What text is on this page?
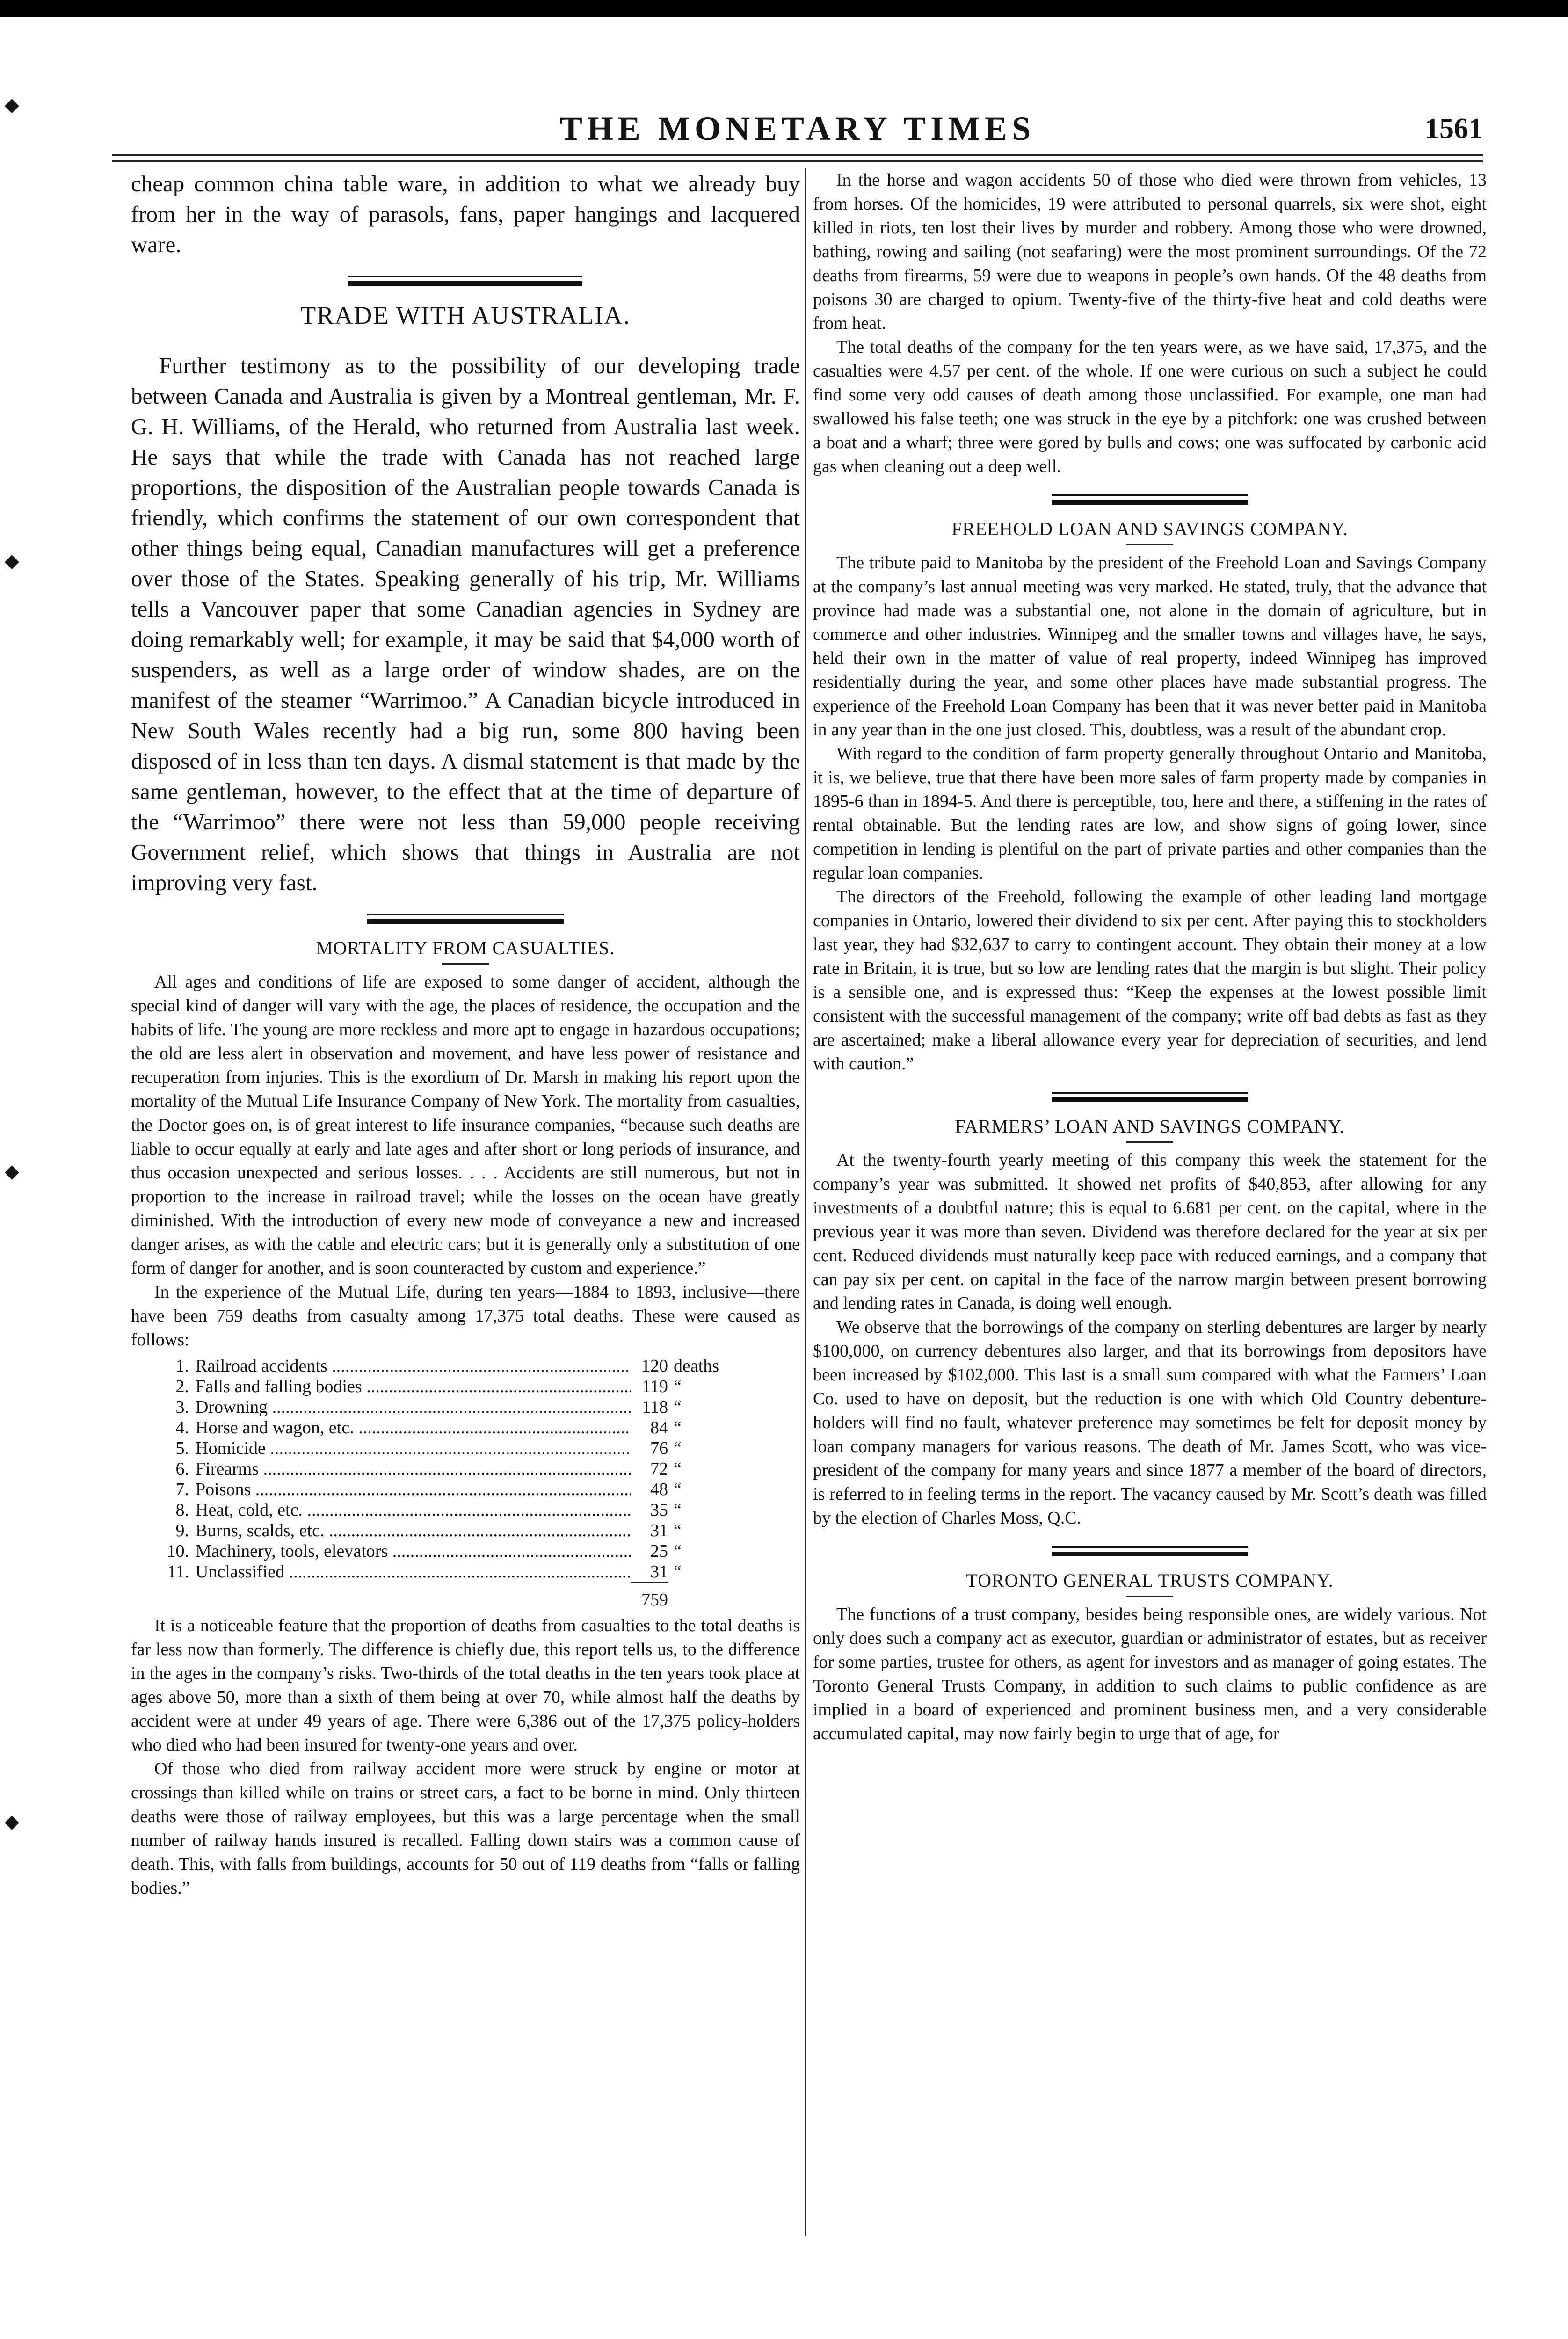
◆
◆
◆
◆
THE MONETARY TIMES	1561

cheap common china table ware, in addition to what we already buy from her in the way of parasols, fans, paper hangings and lacquered ware.

TRADE WITH AUSTRALIA.

Further testimony as to the possibility of our developing trade between Canada and Australia is given by a Montreal gentleman, Mr. F. G. H. Williams, of the Herald, who returned from Australia last week. He says that while the trade with Canada has not reached large proportions, the disposition of the Australian people towards Canada is friendly, which confirms the statement of our own correspondent that other things being equal, Canadian manufactures will get a preference over those of the States. Speaking generally of his trip, Mr. Williams tells a Vancouver paper that some Canadian agencies in Sydney are doing remarkably well; for example, it may be said that $4,000 worth of suspenders, as well as a large order of window shades, are on the manifest of the steamer “Warrimoo.” A Canadian bicycle introduced in New South Wales recently had a big run, some 800 having been disposed of in less than ten days. A dismal statement is that made by the same gentleman, however, to the effect that at the time of departure of the “Warrimoo” there were not less than 59,000 people receiving Government relief, which shows that things in Australia are not improving very fast.

MORTALITY FROM CASUALTIES.

All ages and conditions of life are exposed to some danger of accident, although the special kind of danger will vary with the age, the places of residence, the occupation and the habits of life. The young are more reckless and more apt to engage in hazardous occupations; the old are less alert in observation and movement, and have less power of resistance and recuperation from injuries. This is the exordium of Dr. Marsh in making his report upon the mortality of the Mutual Life Insurance Company of New York. The mortality from casualties, the Doctor goes on, is of great interest to life insurance companies, “because such deaths are liable to occur equally at early and late ages and after short or long periods of insurance, and thus occasion unexpected and serious losses. . . . Accidents are still numerous, but not in proportion to the increase in railroad travel; while the losses on the ocean have greatly diminished. With the introduction of every new mode of conveyance a new and increased danger arises, as with the cable and electric cars; but it is generally only a substitution of one form of danger for another, and is soon counteracted by custom and experience.”

In the experience of the Mutual Life, during ten years—1884 to 1893, inclusive—there have been 759 deaths from casualty among 17,375 total deaths. These were caused as follows:

1. Railroad accidents .....	120 deaths
2. Falls and falling bodies .....	119 “
3. Drowning .....	118 “
4. Horse and wagon, etc. .....	84 “
5. Homicide .....	76 “
6. Firearms .....	72 “
7. Poisons .....	48 “
8. Heat, cold, etc. .....	35 “
9. Burns, scalds, etc. .....	31 “
10. Machinery, tools, elevators .....	25 “
11. Unclassified .....	31 “
759

It is a noticeable feature that the proportion of deaths from casualties to the total deaths is far less now than formerly. The difference is chiefly due, this report tells us, to the difference in the ages in the company’s risks. Two-thirds of the total deaths in the ten years took place at ages above 50, more than a sixth of them being at over 70, while almost half the deaths by accident were at under 49 years of age. There were 6,386 out of the 17,375 policy-holders who died who had been insured for twenty-one years and over.

Of those who died from railway accident more were struck by engine or motor at crossings than killed while on trains or street cars, a fact to be borne in mind. Only thirteen deaths were those of railway employees, but this was a large percentage when the small number of railway hands insured is recalled. Falling down stairs was a common cause of death. This, with falls from buildings, accounts for 50 out of 119 deaths from “falls or falling bodies.”

In the horse and wagon accidents 50 of those who died were thrown from vehicles, 13 from horses. Of the homicides, 19 were attributed to personal quarrels, six were shot, eight killed in riots, ten lost their lives by murder and robbery. Among those who were drowned, bathing, rowing and sailing (not seafaring) were the most prominent surroundings. Of the 72 deaths from firearms, 59 were due to weapons in people’s own hands. Of the 48 deaths from poisons 30 are charged to opium. Twenty-five of the thirty-five heat and cold deaths were from heat.

The total deaths of the company for the ten years were, as we have said, 17,375, and the casualties were 4.57 per cent. of the whole. If one were curious on such a subject he could find some very odd causes of death among those unclassified. For example, one man had swallowed his false teeth; one was struck in the eye by a pitchfork: one was crushed between a boat and a wharf; three were gored by bulls and cows; one was suffocated by carbonic acid gas when cleaning out a deep well.

FREEHOLD LOAN AND SAVINGS COMPANY.

The tribute paid to Manitoba by the president of the Freehold Loan and Savings Company at the company’s last annual meeting was very marked. He stated, truly, that the advance that province had made was a substantial one, not alone in the domain of agriculture, but in commerce and other industries. Winnipeg and the smaller towns and villages have, he says, held their own in the matter of value of real property, indeed Winnipeg has improved residentially during the year, and some other places have made substantial progress. The experience of the Freehold Loan Company has been that it was never better paid in Manitoba in any year than in the one just closed. This, doubtless, was a result of the abundant crop.

With regard to the condition of farm property generally throughout Ontario and Manitoba, it is, we believe, true that there have been more sales of farm property made by companies in 1895-6 than in 1894-5. And there is perceptible, too, here and there, a stiffening in the rates of rental obtainable. But the lending rates are low, and show signs of going lower, since competition in lending is plentiful on the part of private parties and other companies than the regular loan companies.

The directors of the Freehold, following the example of other leading land mortgage companies in Ontario, lowered their dividend to six per cent. After paying this to stockholders last year, they had $32,637 to carry to contingent account. They obtain their money at a low rate in Britain, it is true, but so low are lending rates that the margin is but slight. Their policy is a sensible one, and is expressed thus: “Keep the expenses at the lowest possible limit consistent with the successful management of the company; write off bad debts as fast as they are ascertained; make a liberal allowance every year for depreciation of securities, and lend with caution.”

FARMERS’ LOAN AND SAVINGS COMPANY.

At the twenty-fourth yearly meeting of this company this week the statement for the company’s year was submitted. It showed net profits of $40,853, after allowing for any investments of a doubtful nature; this is equal to 6.681 per cent. on the capital, where in the previous year it was more than seven. Dividend was therefore declared for the year at six per cent. Reduced dividends must naturally keep pace with reduced earnings, and a company that can pay six per cent. on capital in the face of the narrow margin between present borrowing and lending rates in Canada, is doing well enough.

We observe that the borrowings of the company on sterling debentures are larger by nearly $100,000, on currency debentures also larger, and that its borrowings from depositors have been increased by $102,000. This last is a small sum compared with what the Farmers’ Loan Co. used to have on deposit, but the reduction is one with which Old Country debenture-holders will find no fault, whatever preference may sometimes be felt for deposit money by loan company managers for various reasons. The death of Mr. James Scott, who was vice-president of the company for many years and since 1877 a member of the board of directors, is referred to in feeling terms in the report. The vacancy caused by Mr. Scott’s death was filled by the election of Charles Moss, Q.C.

TORONTO GENERAL TRUSTS COMPANY.

The functions of a trust company, besides being responsible ones, are widely various. Not only does such a company act as executor, guardian or administrator of estates, but as receiver for some parties, trustee for others, as agent for investors and as manager of going estates. The Toronto General Trusts Company, in addition to such claims to public confidence as are implied in a board of experienced and prominent business men, and a very considerable accumulated capital, may now fairly begin to urge that of age, for
